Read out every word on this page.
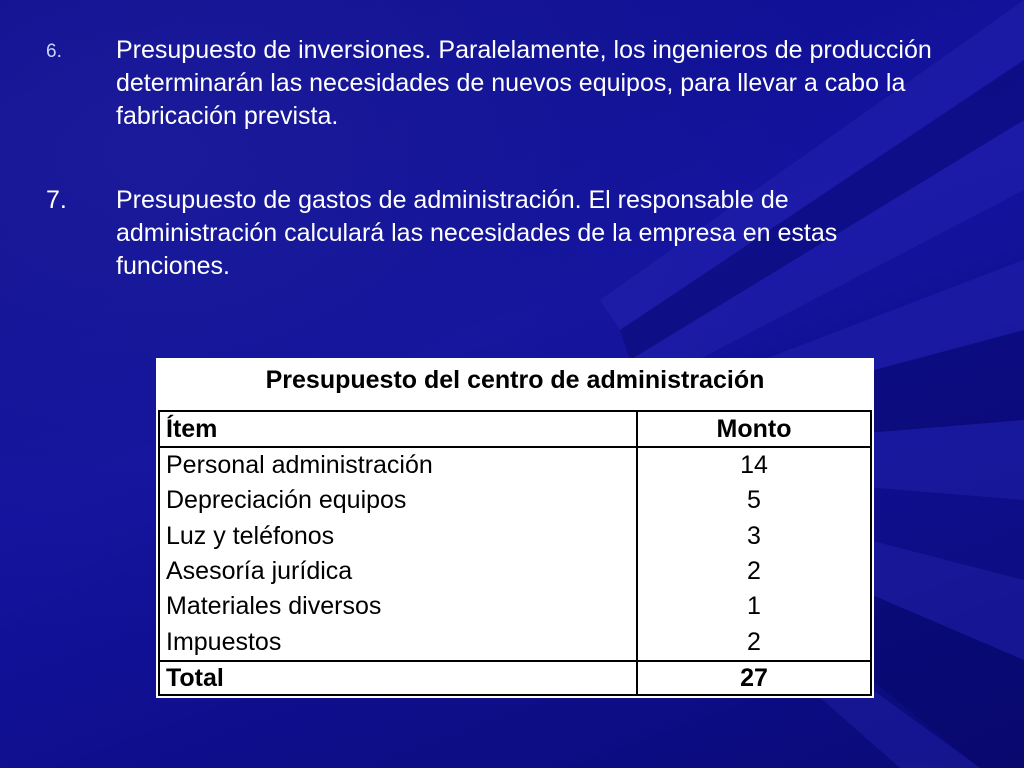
6.	Presupuesto de inversiones. Paralelamente, los ingenieros de producción determinarán las necesidades de nuevos equipos, para llevar a cabo la fabricación prevista.
7.	Presupuesto de gastos de administración. El responsable de administración calculará las necesidades de la empresa en estas funciones.
Presupuesto del centro de administración
Ítem	Monto
Personal administración	14
Depreciación equipos	5
Luz y teléfonos	3
Asesoría jurídica	2
Materiales diversos	1
Impuestos	2
Total	27
